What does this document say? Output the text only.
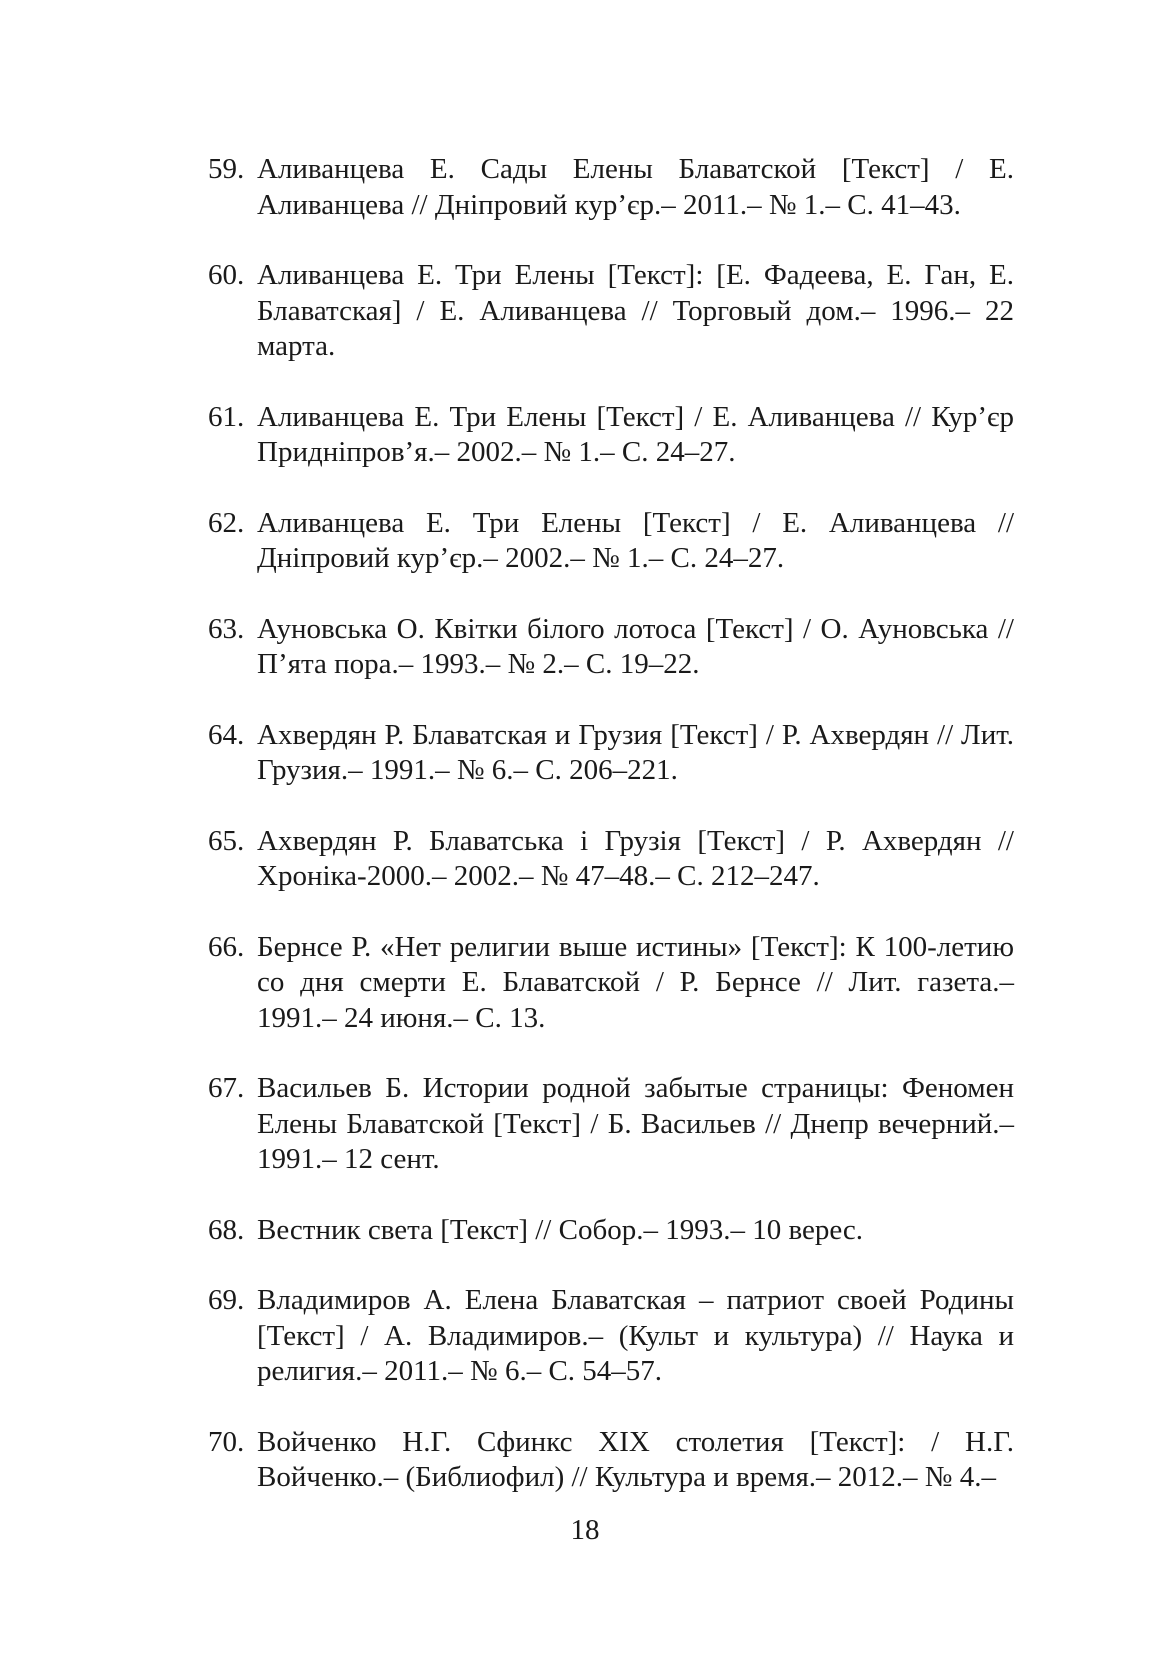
59. Аливанцева Е. Сады Елены Блаватской [Текст] / Е. Аливанцева // Дніпровий кур’єр.– 2011.– № 1.– С. 41–43.
60. Аливанцева Е. Три Елены [Текст]: [Е. Фадеева, Е. Ган, Е. Блаватская] / Е. Аливанцева // Торговый дом.– 1996.– 22 марта.
61. Аливанцева Е. Три Елены [Текст] / Е. Аливанцева // Кур’єр Придніпров’я.– 2002.– № 1.– С. 24–27.
62. Аливанцева Е. Три Елены [Текст] / Е. Аливанцева // Дніпровий кур’єр.– 2002.– № 1.– С. 24–27.
63. Ауновська О. Квітки білого лотоса [Текст] / О. Ауновська // П’ята пора.– 1993.– № 2.– С. 19–22.
64. Ахвердян Р. Блаватская и Грузия [Текст] / Р. Ахвердян // Лит. Грузия.– 1991.– № 6.– С. 206–221.
65. Ахвердян Р. Блаватська і Грузія [Текст] / Р. Ахвердян // Хроніка-2000.– 2002.– № 47–48.– С. 212–247.
66. Бернсе Р. «Нет религии выше истины» [Текст]: К 100-летию со дня смерти Е. Блаватской / Р. Бернсе // Лит. газета.– 1991.– 24 июня.– С. 13.
67. Васильев Б. Истории родной забытые страницы: Феномен Елены Блаватской [Текст] / Б. Васильев // Днепр вечерний.– 1991.– 12 сент.
68. Вестник света [Текст] // Собор.– 1993.– 10 верес.
69. Владимиров А. Елена Блаватская – патриот своей Родины [Текст] / А. Владимиров.– (Культ и культура) // Наука и религия.– 2011.– № 6.– С. 54–57.
70. Войченко Н.Г. Сфинкс XIX столетия [Текст]: / Н.Г. Войченко.– (Библиофил) // Культура и время.– 2012.– № 4.–
18
